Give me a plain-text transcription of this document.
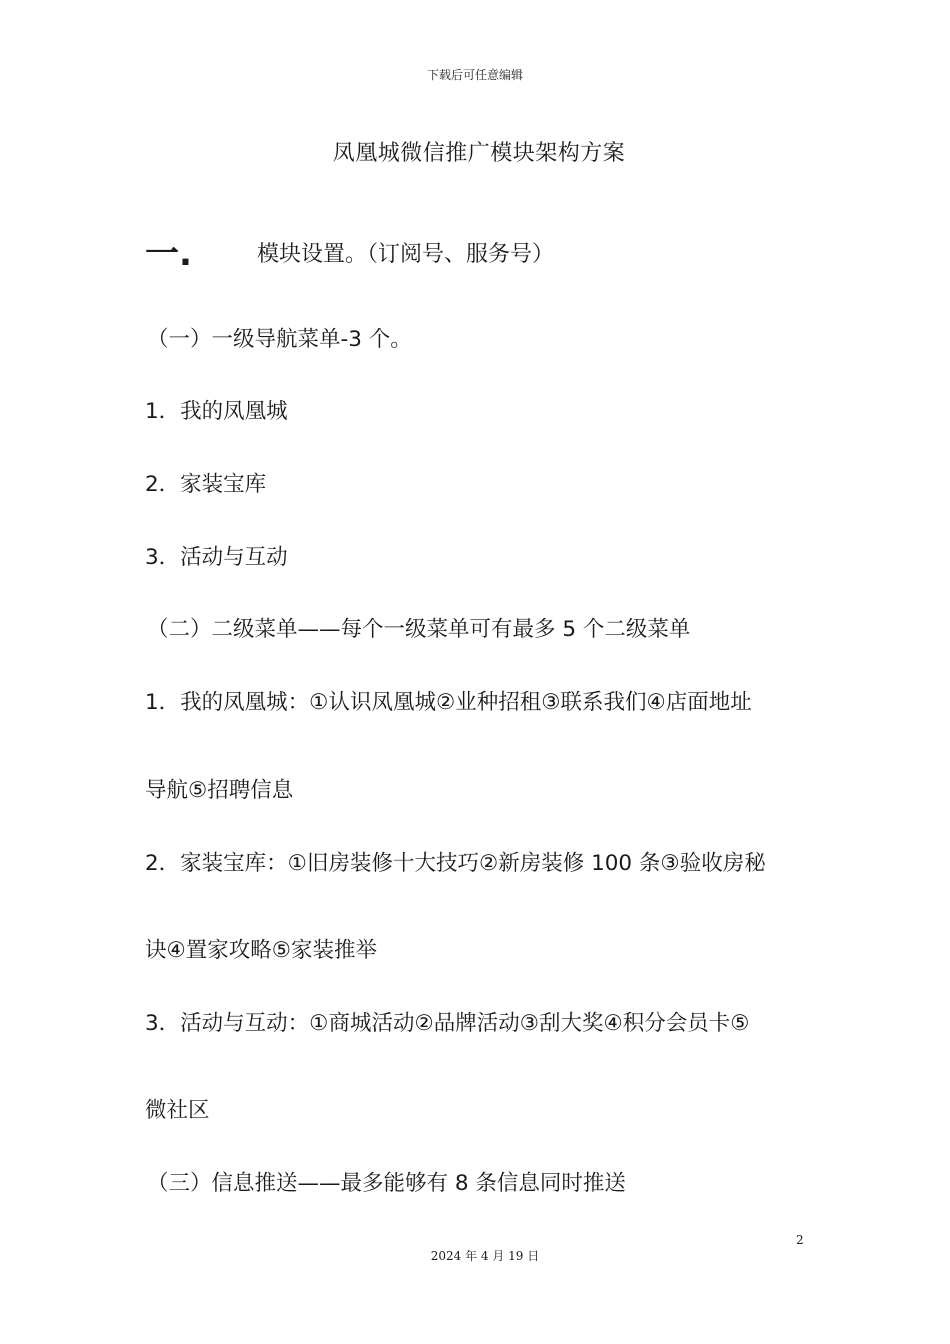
下载后可任意编辑
凤凰城微信推广模块架构方案
一.	模块设置。（订阅号、服务号）
（一）一级导航菜单-3 个。
1．我的凤凰城
2．家装宝库
3．活动与互动
（二）二级菜单——每个一级菜单可有最多 5 个二级菜单
1．我的凤凰城：①认识凤凰城②业种招租③联系我们④店面地址
导航⑤招聘信息
2．家装宝库：①旧房装修十大技巧②新房装修 100 条③验收房秘
诀④置家攻略⑤家装推举
3．活动与互动：①商城活动②品牌活动③刮大奖④积分会员卡⑤
微社区
（三）信息推送——最多能够有 8 条信息同时推送
2
2024 年 4 月 19 日
